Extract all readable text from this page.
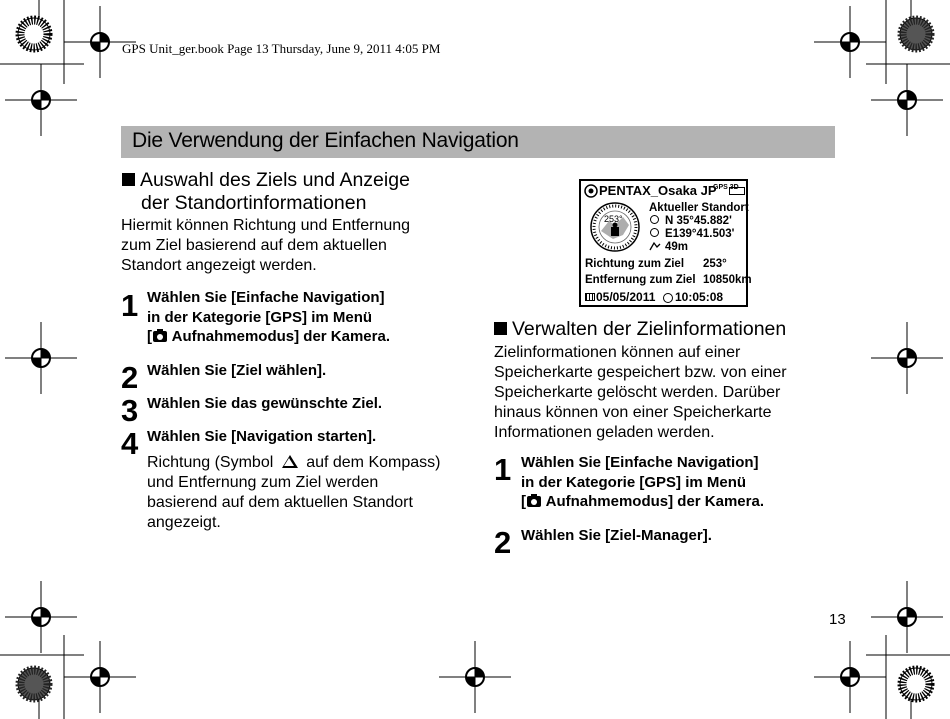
GPS Unit_ger.book Page 13 Thursday, June 9, 2011 4:05 PM
Die Verwendung der Einfachen Navigation
Auswahl des Ziels und Anzeige
der Standortinformationen
Hiermit können Richtung und Entfernung
zum Ziel basierend auf dem aktuellen
Standort angezeigt werden.
1 Wählen Sie [Einfache Navigation]
in der Kategorie [GPS] im Menü
[ Aufnahmemodus] der Kamera.
2 Wählen Sie [Ziel wählen].
3 Wählen Sie das gewünschte Ziel.
4 Wählen Sie [Navigation starten].
Richtung (Symbol auf dem Kompass)
und Entfernung zum Ziel werden
basierend auf dem aktuellen Standort
angezeigt.
PENTAX_Osaka JP
GPS 3D
253°
Aktueller Standort
N 35°45.882'
E139°41.503'
49m
Richtung zum Ziel 253°
Entfernung zum Ziel 10850km
05/05/2011 10:05:08
Verwalten der Zielinformationen
Zielinformationen können auf einer
Speicherkarte gespeichert bzw. von einer
Speicherkarte gelöscht werden. Darüber
hinaus können von einer Speicherkarte
Informationen geladen werden.
1 Wählen Sie [Einfache Navigation]
in der Kategorie [GPS] im Menü
[ Aufnahmemodus] der Kamera.
2 Wählen Sie [Ziel-Manager].
13
